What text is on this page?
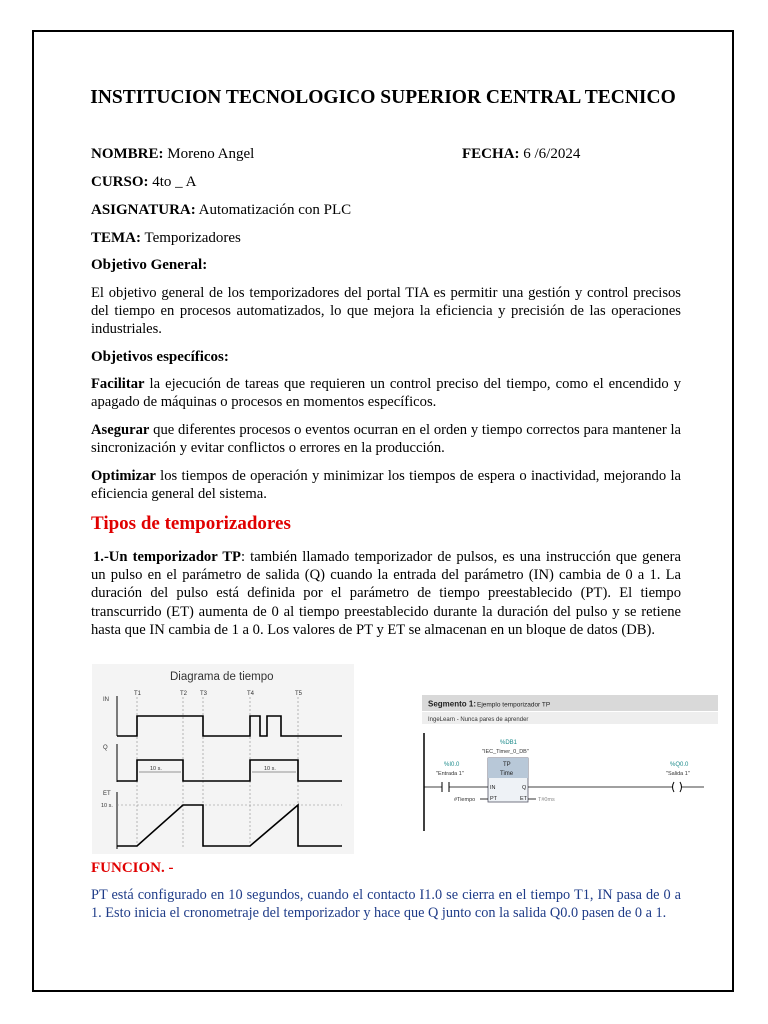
INSTITUCION TECNOLOGICO SUPERIOR CENTRAL TECNICO
NOMBRE: Moreno Angel	FECHA: 6 /6/2024
CURSO: 4to _ A
ASIGNATURA: Automatización con PLC
TEMA: Temporizadores
Objetivo General:
El objetivo general de los temporizadores del portal TIA es permitir una gestión y control precisos del tiempo en procesos automatizados, lo que mejora la eficiencia y precisión de las operaciones industriales.
Objetivos específicos:
Facilitar la ejecución de tareas que requieren un control preciso del tiempo, como el encendido y apagado de máquinas o procesos en momentos específicos.
Asegurar que diferentes procesos o eventos ocurran en el orden y tiempo correctos para mantener la sincronización y evitar conflictos o errores en la producción.
Optimizar los tiempos de operación y minimizar los tiempos de espera o inactividad, mejorando la eficiencia general del sistema.
Tipos de temporizadores
1.-Un temporizador TP: también llamado temporizador de pulsos, es una instrucción que genera un pulso en el parámetro de salida (Q) cuando la entrada del parámetro (IN) cambia de 0 a 1. La duración del pulso está definida por el parámetro de tiempo preestablecido (PT). El tiempo transcurrido (ET) aumenta de 0 al tiempo preestablecido durante la duración del pulso y se retiene hasta que IN cambia de 1 a 0. Los valores de PT y ET se almacenan en un bloque de datos (DB).
Diagrama de tiempo
T1	T2 T3	T4	T5
IN
Q
10 s.	10 s.
ET
10 s.
Segmento 1: Ejemplo temporizador TP
IngeLearn - Nunca pares de aprender
%DB1
"IEC_Timer_0_DB"
TP
Time
IN	Q
PT	ET
%I0.0
"Entrada 1"
%Q0.0
"Salida 1"
#Tiempo	T#0ms
FUNCION. -
PT está configurado en 10 segundos, cuando el contacto I1.0 se cierra en el tiempo T1, IN pasa de 0 a 1. Esto inicia el cronometraje del temporizador y hace que Q junto con la salida Q0.0 pasen de 0 a 1.
